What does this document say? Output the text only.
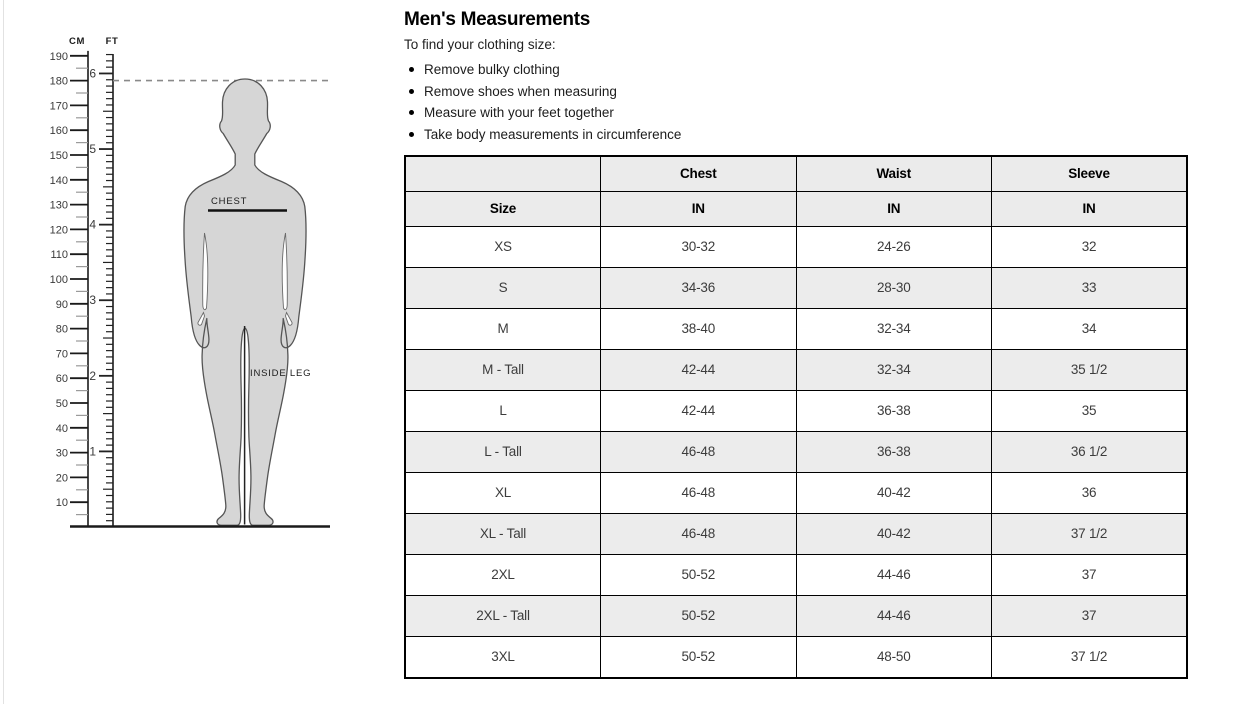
CM FT
190
180
170
160
150
140
130
120
110
100
90
80
70
60
50
40
30
20
10
6
5
4
3
2
1
CHEST
INSIDE LEG
Men's Measurements

To find your clothing size:

Remove bulky clothing
Remove shoes when measuring
Measure with your feet together
Take body measurements in circumference
	Chest	Waist	Sleeve
Size	IN	IN	IN
XS	30-32	24-26	32
S	34-36	28-30	33
M	38-40	32-34	34
M - Tall	42-44	32-34	35 1/2
L	42-44	36-38	35
L - Tall	46-48	36-38	36 1/2
XL	46-48	40-42	36
XL - Tall	46-48	40-42	37 1/2
2XL	50-52	44-46	37
2XL - Tall	50-52	44-46	37
3XL	50-52	48-50	37 1/2
